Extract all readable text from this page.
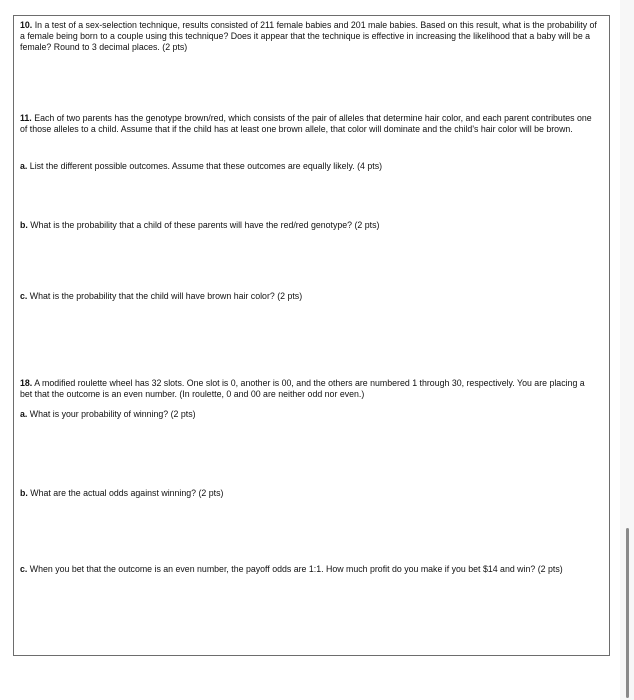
10. In a test of a sex-selection technique, results consisted of 211 female babies and 201 male babies. Based on this result, what is the probability of a female being born to a couple using this technique? Does it appear that the technique is effective in increasing the likelihood that a baby will be a female? Round to 3 decimal places. (2 pts)
11. Each of two parents has the genotype brown/red, which consists of the pair of alleles that determine hair color, and each parent contributes one of those alleles to a child. Assume that if the child has at least one brown allele, that color will dominate and the child's hair color will be brown.
a. List the different possible outcomes. Assume that these outcomes are equally likely. (4 pts)
b. What is the probability that a child of these parents will have the red/red genotype? (2 pts)
c. What is the probability that the child will have brown hair color? (2 pts)
18. A modified roulette wheel has 32 slots. One slot is 0, another is 00, and the others are numbered 1 through 30, respectively. You are placing a bet that the outcome is an even number. (In roulette, 0 and 00 are neither odd nor even.)
a. What is your probability of winning? (2 pts)
b. What are the actual odds against winning? (2 pts)
c. When you bet that the outcome is an even number, the payoff odds are 1:1. How much profit do you make if you bet $14 and win? (2 pts)
